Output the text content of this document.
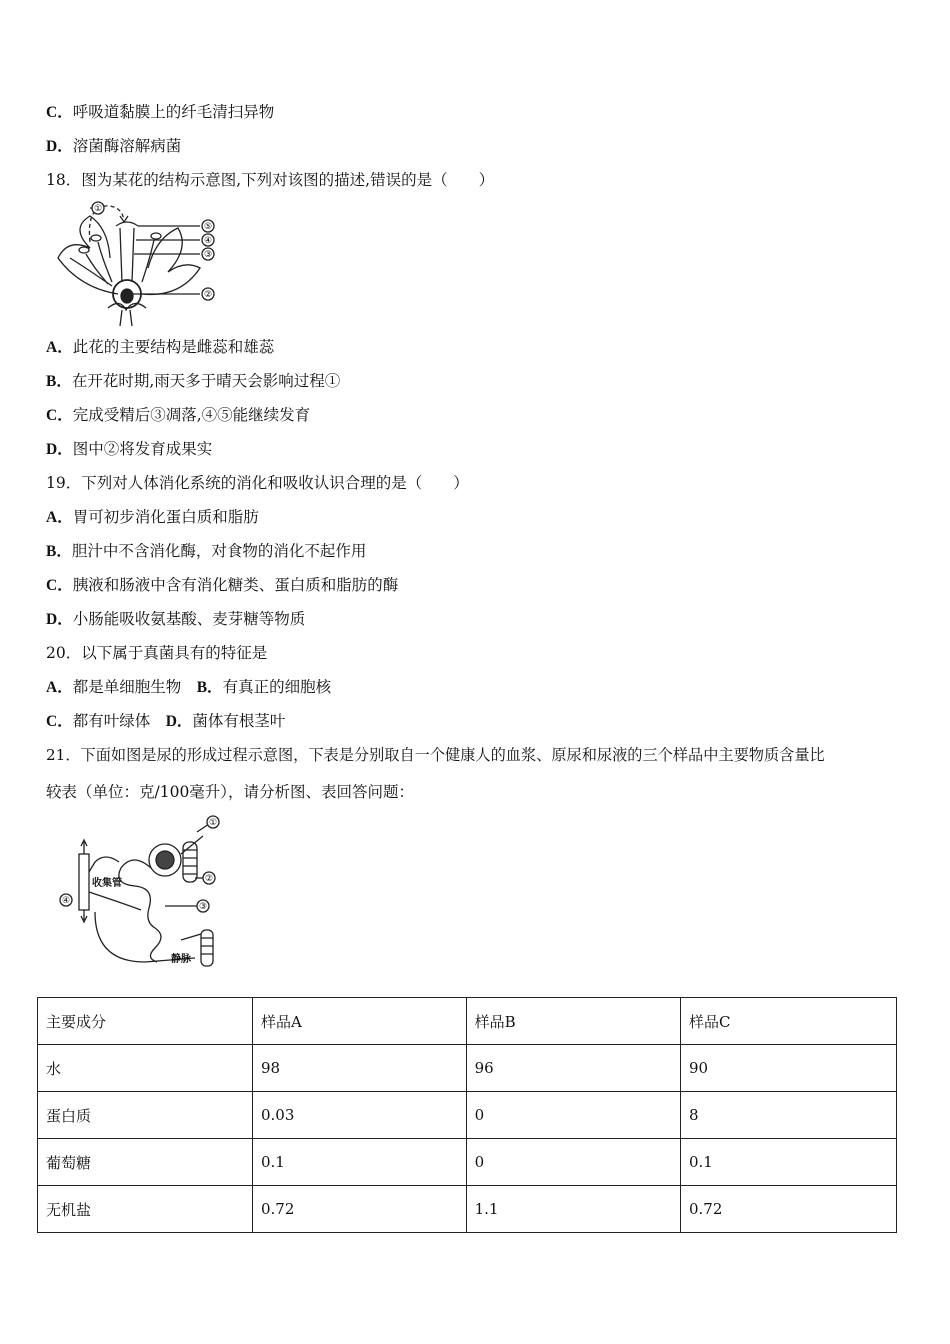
C．呼吸道黏膜上的纤毛清扫异物
D．溶菌酶溶解病菌
18．图为某花的结构示意图,下列对该图的描述,错误的是（　　）
①
②
③
④
⑤
A．此花的主要结构是雌蕊和雄蕊
B．在开花时期,雨天多于晴天会影响过程①
C．完成受精后③凋落,④⑤能继续发育
D．图中②将发育成果实
19．下列对人体消化系统的消化和吸收认识合理的是（　　）
A．胃可初步消化蛋白质和脂肪
B．胆汁中不含消化酶，对食物的消化不起作用
C．胰液和肠液中含有消化糖类、蛋白质和脂肪的酶
D．小肠能吸收氨基酸、麦芽糖等物质
20．以下属于真菌具有的特征是
A．都是单细胞生物　B．有真正的细胞核
C．都有叶绿体　D．菌体有根茎叶
21．下面如图是尿的形成过程示意图，下表是分别取自一个健康人的血浆、原尿和尿液的三个样品中主要物质含量比
较表（单位：克/100毫升），请分析图、表回答问题：
①
②
③
④
收集管
静脉
主要成分	样品A	样品B	样品C
水	98	96	90
蛋白质	0.03	0	8
葡萄糖	0.1	0	0.1
无机盐	0.72	1.1	0.72
